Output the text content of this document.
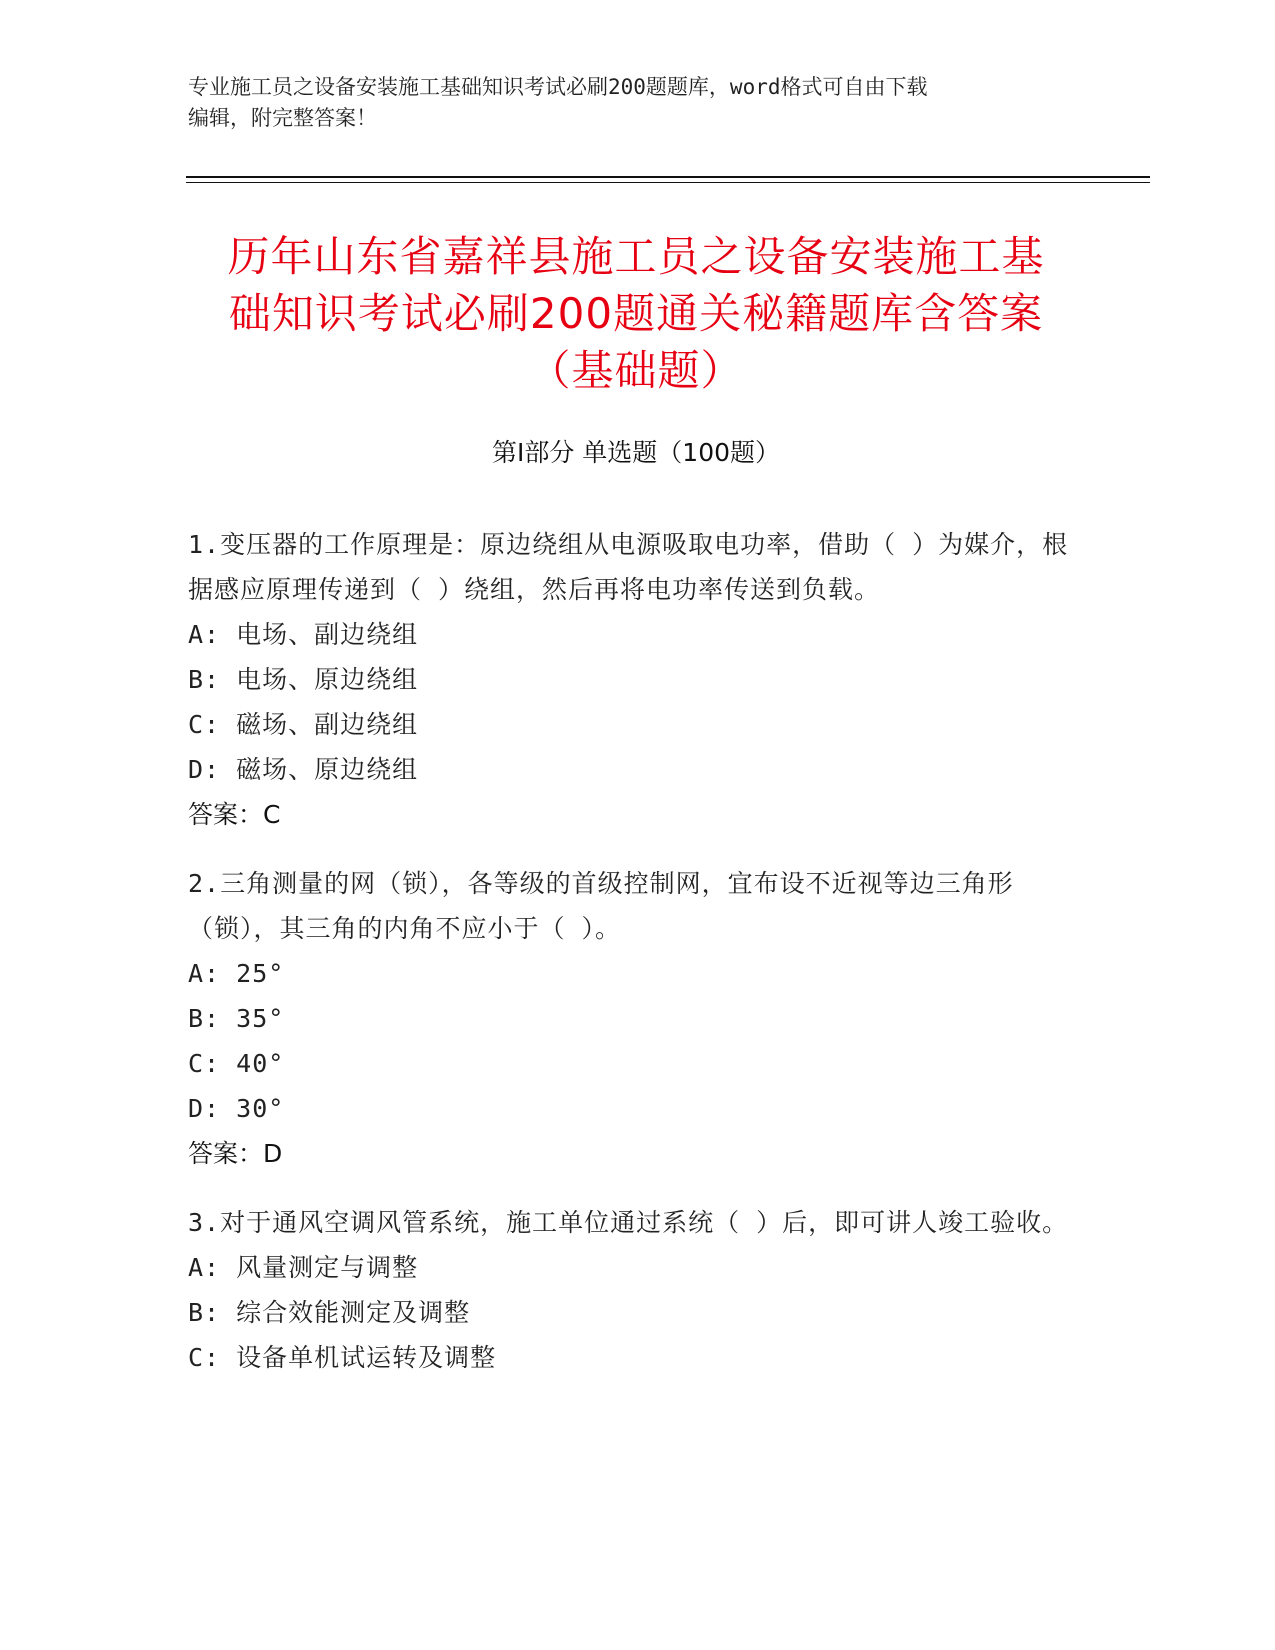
专业施工员之设备安装施工基础知识考试必刷200题题库，word格式可自由下载
编辑，附完整答案！
历年山东省嘉祥县施工员之设备安装施工基
础知识考试必刷200题通关秘籍题库含答案
（基础题）
第Ⅰ部分 单选题（100题）
1.变压器的工作原理是：原边绕组从电源吸取电功率，借助（ ）为媒介，根据感应原理传递到（ ）绕组，然后再将电功率传送到负载。
A: 电场、副边绕组
B: 电场、原边绕组
C: 磁场、副边绕组
D: 磁场、原边绕组
答案：C
2.三角测量的网（锁），各等级的首级控制网，宜布设不近视等边三角形（锁），其三角的内角不应小于（ ）。
A: 25°
B: 35°
C: 40°
D: 30°
答案：D
3.对于通风空调风管系统，施工单位通过系统（ ）后，即可讲人竣工验收。
A: 风量测定与调整
B: 综合效能测定及调整
C: 设备单机试运转及调整
